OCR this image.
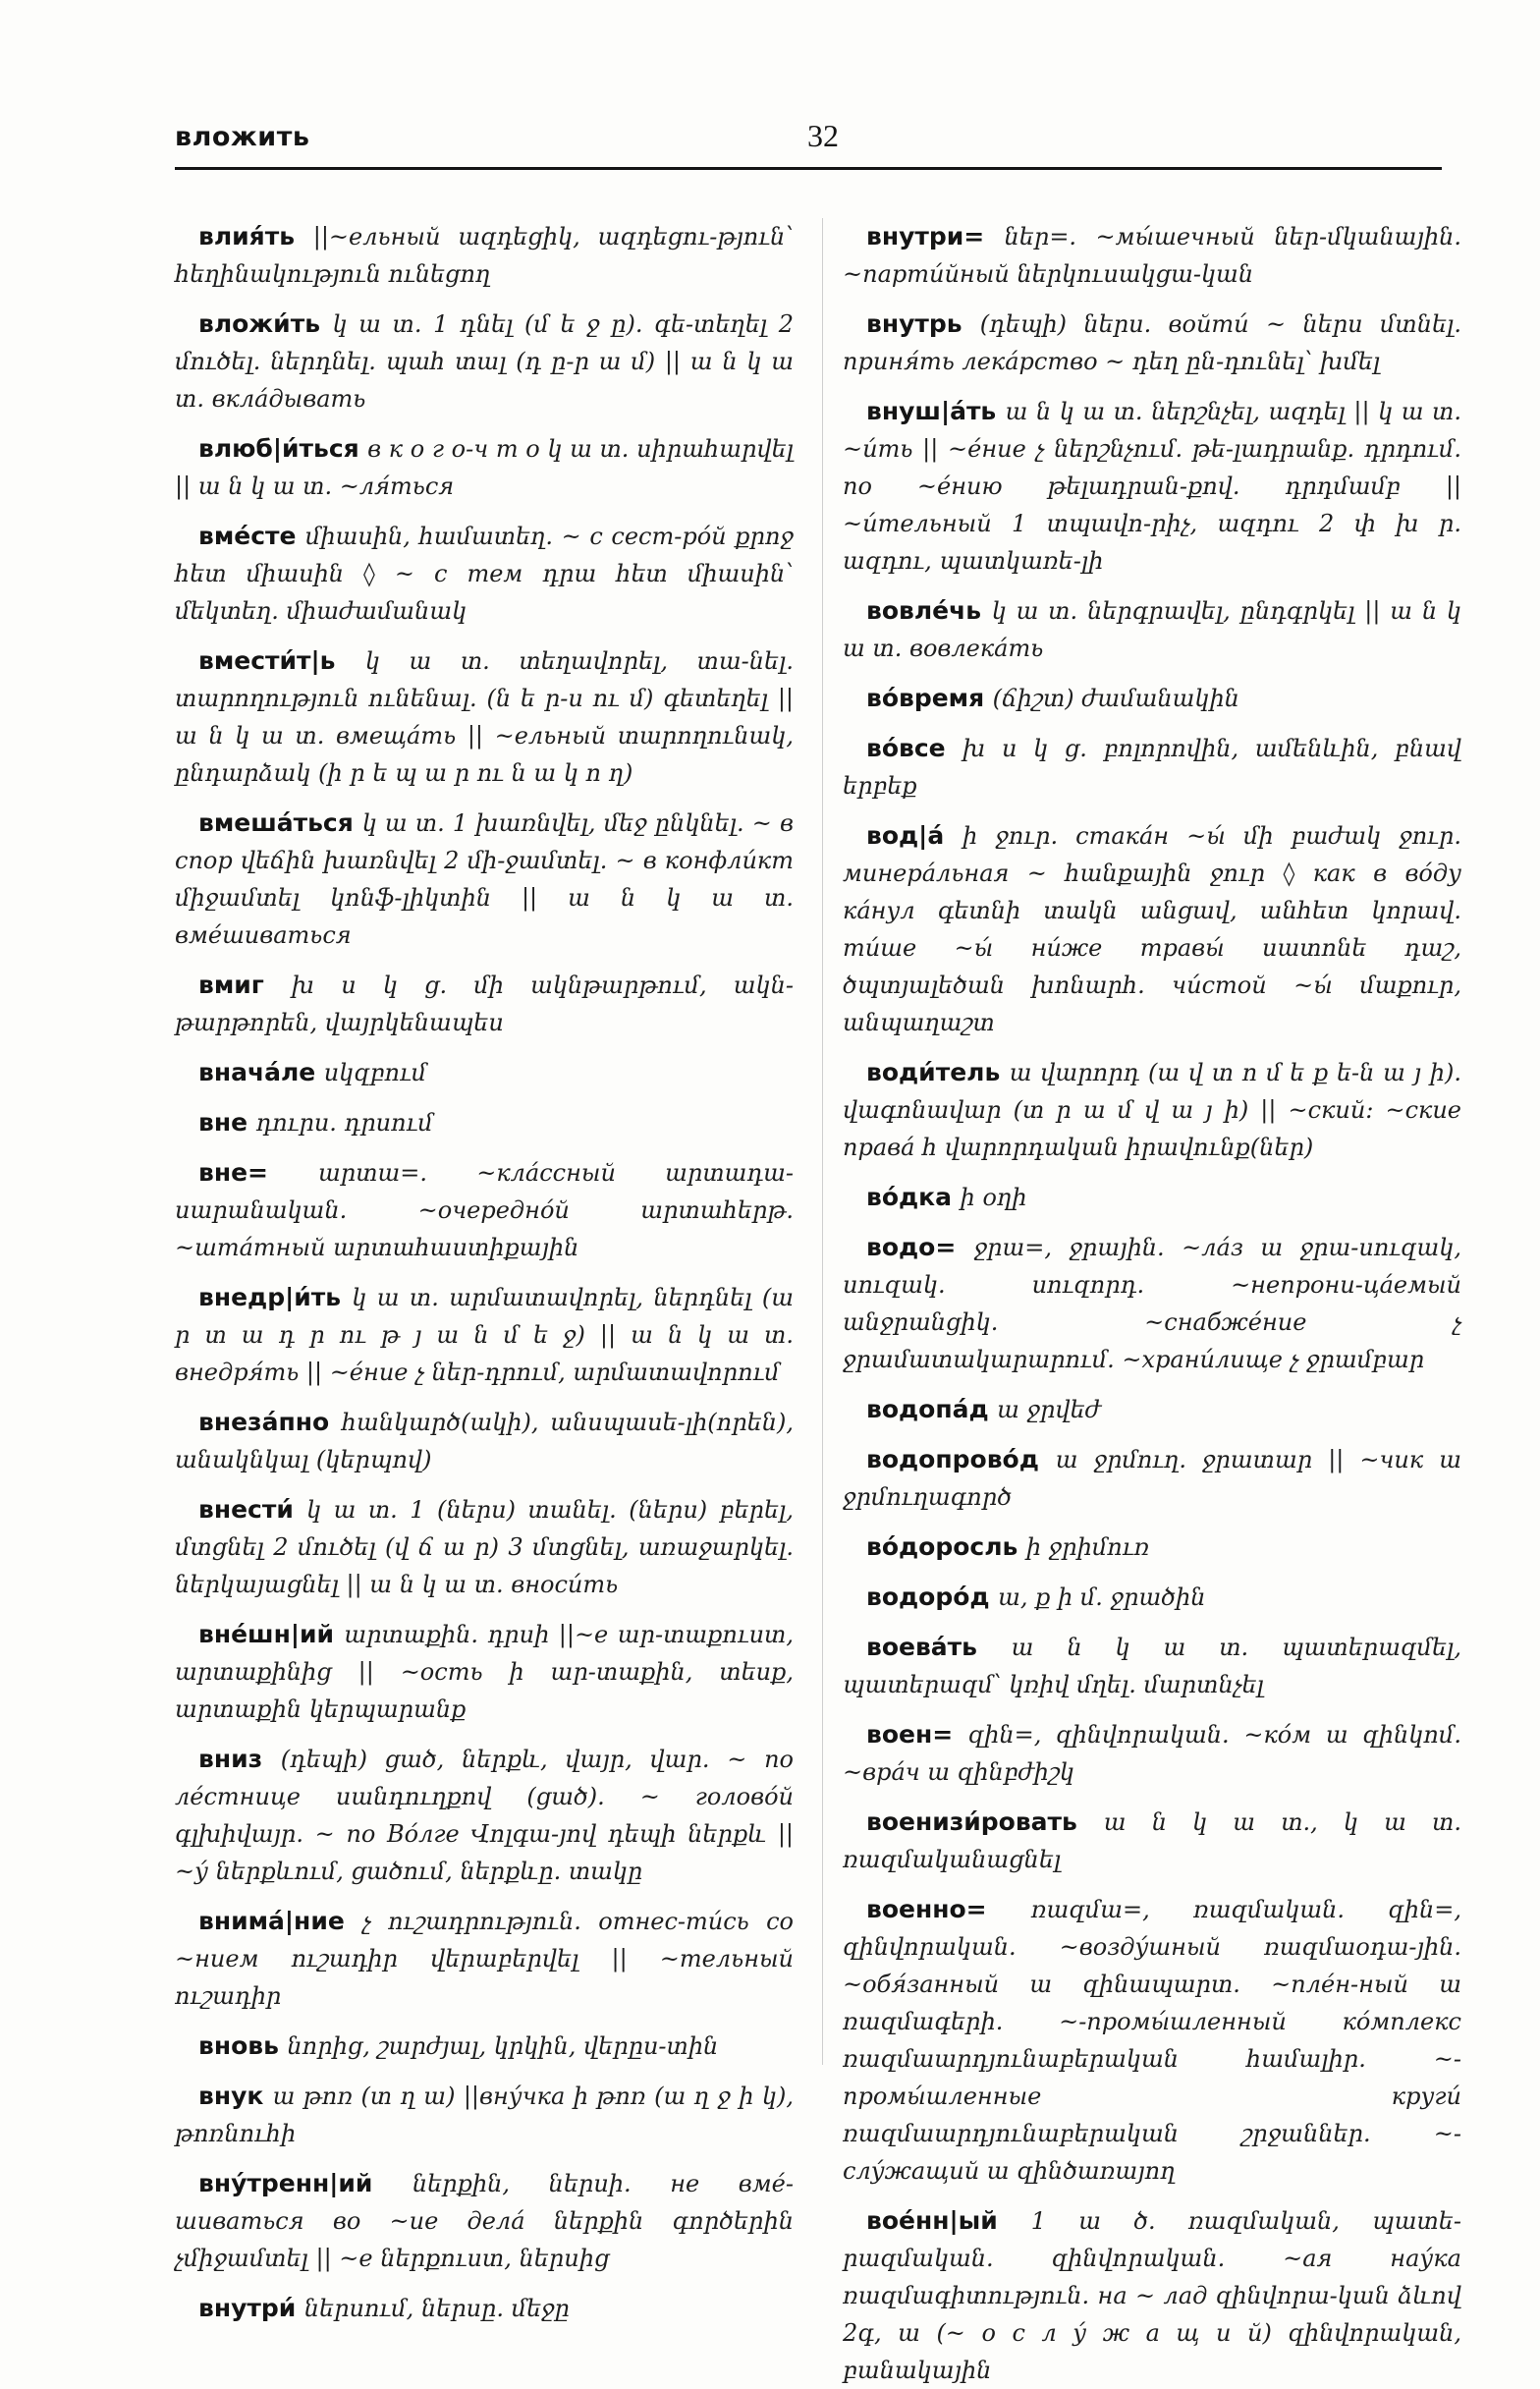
вложить	32

влия́ть ||~ельный ազդեցիկ, ազդեցու-թյուն՝ հեղինակություն ունեցող

вложи́ть կ ա տ. 1 դնել (մ ե ջ ը). գե-տեղել 2 մուծել. ներդնել. պահ տալ (դ ը-ր ա մ) || ա ն կ ա տ. вкла́дывать

влюб|и́ться в к о г о-ч т о կ ա տ. սիրահարվել || ա ն կ ա տ. ~ля́ться

вме́сте միասին, համատեղ. ~ с сест-ро́й քրոջ հետ միասին ◊ ~ с тем դրա հետ միասին՝ մեկտեղ. միաժամանակ

вмести́т|ь կ ա տ. տեղավորել, տա-նել. տարողություն ունենալ. (ն ե ր-ս ու մ) գետեղել || ա ն կ ա տ. вмеща́ть || ~ельный տարողունակ, ընդարձակ (ի ր ե պ ա ր ու ն ա կ ո ղ)

вмеша́ться կ ա տ. 1 խառնվել, մեջ ընկնել. ~ в спор վեճին խառնվել 2 մի-ջամտել. ~ в конфли́кт միջամտել կոնֆ-լիկտին || ա ն կ ա տ. вме́шиваться

вмиг խ ս կ ց. մի ակնթարթում, ակն-թարթորեն, վայրկենապես

внача́ле սկզբում

вне դուրս. դրսում

вне= արտա=. ~кла́ссный արտադա-սարանական. ~очередно́й արտահերթ. ~шта́тный արտահաստիքային

внедр|и́ть կ ա տ. արմատավորել, ներդնել (ա ր տ ա դ ր ու թ յ ա ն մ ե ջ) || ա ն կ ա տ. внедря́ть || ~е́ние չ ներ-դրում, արմատավորում

внеза́пно հանկարծ(ակի), անսպասե-լի(որեն), անակնկալ (կերպով)

внести́ կ ա տ. 1 (ներս) տանել. (ներս) բերել, մտցնել 2 մուծել (վ ճ ա ր) 3 մտցնել, առաջարկել. ներկայացնել || ա ն կ ա տ. вноси́ть

вне́шн|ий արտաքին. դրսի ||~е ար-տաքուստ, արտաքինից || ~ость ի ար-տաքին, տեսք, արտաքին կերպարանք

вниз (դեպի) ցած, ներքև, վայր, վար. ~ по ле́стнице սանդուղքով (ցած). ~ голово́й գլխիվայր. ~ по Во́лге Վոլգա-յով դեպի ներքև || ~у́ ներքևում, ցածում, ներքևը. տակը

внима́|ние չ ուշադրություն. отнес-ти́сь со ~нием ուշադիր վերաբերվել || ~тельный ուշադիր

вновь նորից, շարժյալ, կրկին, վերըս-տին

внук ա թոռ (տ ղ ա) ||вну́чка ի թոռ (ա ղ ջ ի կ), թոռնուհի

вну́тренн|ий ներքին, ներսի. не вме́-шиваться во ~ие дела́ ներքին գործերին չմիջամտել || ~е ներքուստ, ներսից

внутри́ ներսում, ներսը. մեջը

внутри= ներ=. ~мы́шечный ներ-մկանային. ~парти́йный ներկուսակցա-կան

внутрь (դեպի) ներս. войти́ ~ ներս մտնել. приня́ть лека́рство ~ դեղ ըն-դունել՝ խմել

внуш|а́ть ա ն կ ա տ. ներշնչել, ազդել || կ ա տ. ~и́ть || ~е́ние չ ներշնչում. թե-լադրանք. դրդում. по ~е́нию թելադրան-քով. դրդմամբ || ~и́тельный 1 տպավո-րիչ, ազդու 2 փ խ ր. ազդու, պատկառե-լի

вовле́чь կ ա տ. ներգրավել, ընդգրկել || ա ն կ ա տ. вовлека́ть

во́время (ճիշտ) ժամանակին

во́все խ ս կ ց. բոլորովին, ամենևին, բնավ երբեք

вод|а́ ի ջուր. стака́н ~ы́ մի բաժակ ջուր. минера́льная ~ հանքային ջուր ◊ как в во́ду ка́нул գետնի տակն անցավ, անհետ կորավ. ти́ше ~ы́ ни́же травы́ սատոնե դաշ, ծպտյալեծան խոնարհ. чи́стой ~ы́ մաքուր, անպաղաշտ

води́тель ա վարորդ (ա վ տ ո մ ե ք ե-ն ա յ ի). վագոնավար (տ ր ա մ վ ա յ ի) || ~ский: ~ские права́ հ վարորդական իրավունք(ներ)

во́дка ի օղի

водо= ջրա=, ջրային. ~ла́з ա ջրա-սուզակ, սուզակ. սուզորդ. ~непрони-ца́емый անջրանցիկ. ~снабже́ние չ ջրամատակարարում. ~храни́лище չ ջրամբար

водопа́д ա ջրվեժ

водопрово́д ա ջրմուղ. ջրատար || ~чик ա ջրմուղագործ

во́доросль ի ջրիմուռ

водоро́д ա, ք ի մ. ջրածին

воева́ть ա ն կ ա տ. պատերազմել, պատերազմ՝ կռիվ մղել. մարտնչել

воен= զին=, զինվորական. ~ко́м ա զինկոմ. ~вра́ч ա զինբժիշկ

военизи́ровать ա ն կ ա տ., կ ա տ. ռազմականացնել

военно= ռազմա=, ռազմական. զին=, զինվորական. ~возду́шный ռազմաօդա-յին. ~обя́занный ա զինապարտ. ~пле́н-ный ա ռազմագերի. ~-промы́шленный ко́мплекс ռազմաարդյունաբերական համալիր. ~-промы́шленные круги́ ռազմաարդյունաբերական շրջաններ. ~-слу́жащий ա զինծառայող

вое́нн|ый 1 ա ծ. ռազմական, պատե-րազմական. զինվորական. ~ая нау́ка ռազմագիտություն. на ~ лад զինվորա-կան ձևով 2գ, ա (~ о с л у́ ж а щ и й) զինվորական, բանակային
